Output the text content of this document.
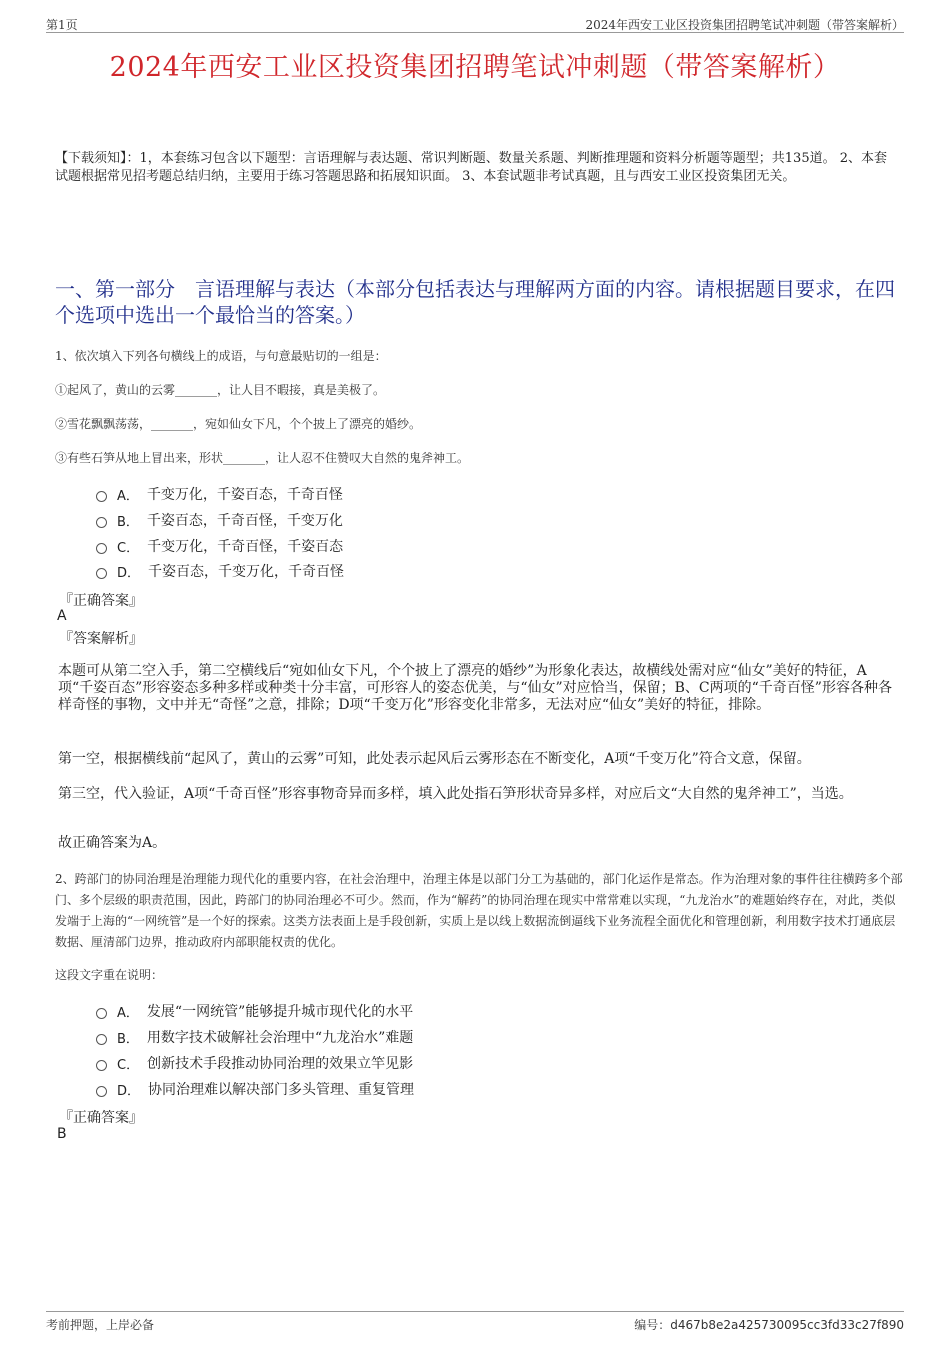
第1页	2024年西安工业区投资集团招聘笔试冲刺题（带答案解析）
2024年西安工业区投资集团招聘笔试冲刺题（带答案解析）
【下载须知】：1，本套练习包含以下题型：言语理解与表达题、常识判断题、数量关系题、判断推理题和资料分析题等题型；共135道。 2、本套试题根据常见招考题总结归纳，主要用于练习答题思路和拓展知识面。 3、本套试题非考试真题，且与西安工业区投资集团无关。
一、第一部分　言语理解与表达（本部分包括表达与理解两方面的内容。请根据题目要求，在四个选项中选出一个最恰当的答案。）
1、依次填入下列各句横线上的成语，与句意最贴切的一组是：
①起风了，黄山的云雾_______，让人目不暇接，真是美极了。
②雪花飘飘荡荡，_______，宛如仙女下凡，个个披上了漂亮的婚纱。
③有些石笋从地上冒出来，形状_______，让人忍不住赞叹大自然的鬼斧神工。
A． 千变万化，千姿百态，千奇百怪
B． 千姿百态，千奇百怪，千变万化
C． 千变万化，千奇百怪，千姿百态
D． 千姿百态，千变万化，千奇百怪
『正确答案』
A
『答案解析』
本题可从第二空入手，第二空横线后“宛如仙女下凡，个个披上了漂亮的婚纱”为形象化表达，故横线处需对应“仙女”美好的特征，A项“千姿百态”形容姿态多种多样或种类十分丰富，可形容人的姿态优美，与“仙女”对应恰当，保留；B、C两项的“千奇百怪”形容各种各样奇怪的事物，文中并无“奇怪”之意，排除；D项“千变万化”形容变化非常多，无法对应“仙女”美好的特征，排除。
第一空，根据横线前“起风了，黄山的云雾”可知，此处表示起风后云雾形态在不断变化，A项“千变万化”符合文意，保留。
第三空，代入验证，A项“千奇百怪”形容事物奇异而多样，填入此处指石笋形状奇异多样，对应后文“大自然的鬼斧神工”，当选。
故正确答案为A。
2、跨部门的协同治理是治理能力现代化的重要内容，在社会治理中，治理主体是以部门分工为基础的，部门化运作是常态。作为治理对象的事件往往横跨多个部门、多个层级的职责范围，因此，跨部门的协同治理必不可少。然而，作为“解药”的协同治理在现实中常常难以实现，“九龙治水”的难题始终存在，对此，类似发端于上海的“一网统管”是一个好的探索。这类方法表面上是手段创新，实质上是以线上数据流倒逼线下业务流程全面优化和管理创新，利用数字技术打通底层数据、厘清部门边界，推动政府内部职能权责的优化。
这段文字重在说明：
A． 发展“一网统管”能够提升城市现代化的水平
B． 用数字技术破解社会治理中“九龙治水”难题
C． 创新技术手段推动协同治理的效果立竿见影
D． 协同治理难以解决部门多头管理、重复管理
『正确答案』
B
考前押题，上岸必备	编号：d467b8e2a425730095cc3fd33c27f890
